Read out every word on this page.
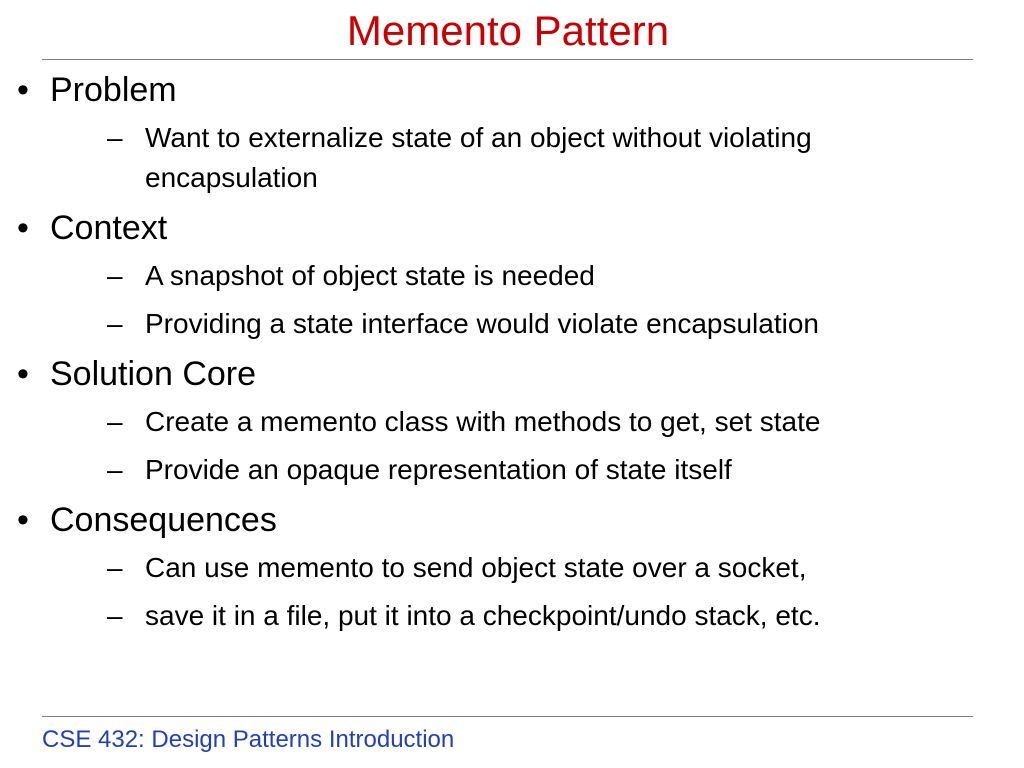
Memento Pattern
• Problem
– Want to externalize state of an object without violating encapsulation
• Context
– A snapshot of object state is needed
– Providing a state interface would violate encapsulation
• Solution Core
– Create a memento class with methods to get, set state
– Provide an opaque representation of state itself
• Consequences
– Can use memento to send object state over a socket,
– save it in a file, put it into a checkpoint/undo stack, etc.
CSE 432: Design Patterns Introduction
